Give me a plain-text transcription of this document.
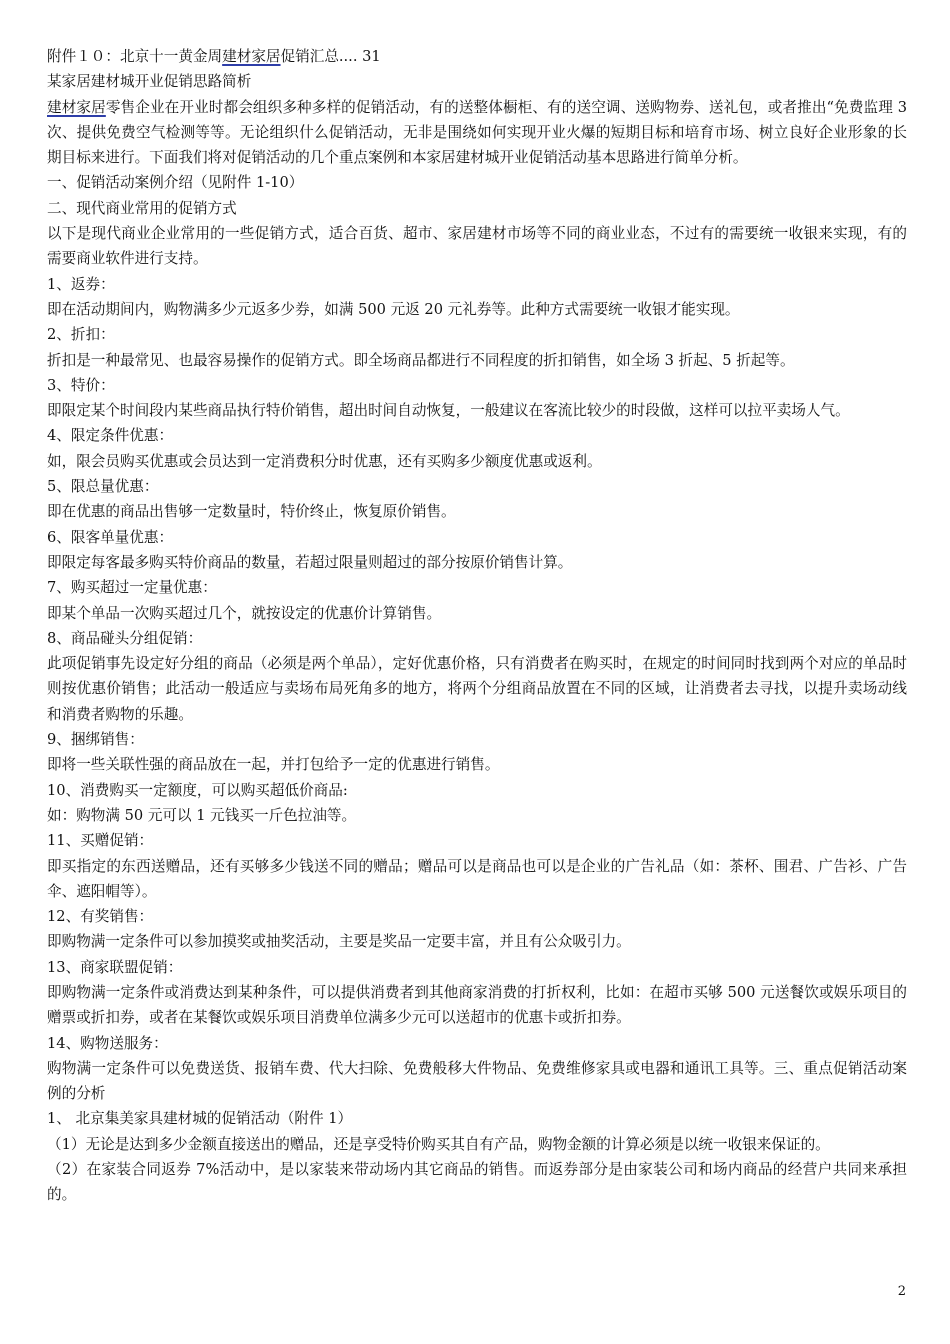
附件１０：北京十一黄金周建材家居促销汇总.... 31

某家居建材城开业促销思路简析

建材家居零售企业在开业时都会组织多种多样的促销活动，有的送整体橱柜、有的送空调、送购物券、送礼包，或者推出“免费监理 3 次、提供免费空气检测等等。无论组织什么促销活动，无非是围绕如何实现开业火爆的短期目标和培育市场、树立良好企业形象的长期目标来进行。下面我们将对促销活动的几个重点案例和本家居建材城开业促销活动基本思路进行简单分析。

一、促销活动案例介绍（见附件 1-10）

二、现代商业常用的促销方式

以下是现代商业企业常用的一些促销方式，适合百货、超市、家居建材市场等不同的商业业态，不过有的需要统一收银来实现，有的需要商业软件进行支持。

1、返券：

即在活动期间内，购物满多少元返多少券，如满 500 元返 20 元礼券等。此种方式需要统一收银才能实现。

2、折扣：

折扣是一种最常见、也最容易操作的促销方式。即全场商品都进行不同程度的折扣销售，如全场 3 折起、5 折起等。

3、特价：

即限定某个时间段内某些商品执行特价销售，超出时间自动恢复，一般建议在客流比较少的时段做，这样可以拉平卖场人气。

4、限定条件优惠：

如，限会员购买优惠或会员达到一定消费积分时优惠，还有买购多少额度优惠或返利。

5、限总量优惠：

即在优惠的商品出售够一定数量时，特价终止，恢复原价销售。

6、限客单量优惠：

即限定每客最多购买特价商品的数量，若超过限量则超过的部分按原价销售计算。

7、购买超过一定量优惠：

即某个单品一次购买超过几个，就按设定的优惠价计算销售。

8、商品碰头分组促销：

此项促销事先设定好分组的商品（必须是两个单品），定好优惠价格，只有消费者在购买时，在规定的时间同时找到两个对应的单品时则按优惠价销售；此活动一般适应与卖场布局死角多的地方，将两个分组商品放置在不同的区域，让消费者去寻找，以提升卖场动线和消费者购物的乐趣。

9、捆绑销售：

即将一些关联性强的商品放在一起，并打包给予一定的优惠进行销售。

10、消费购买一定额度，可以购买超低价商品:

如：购物满 50 元可以 1 元钱买一斤色拉油等。

11、买赠促销：

即买指定的东西送赠品，还有买够多少钱送不同的赠品；赠品可以是商品也可以是企业的广告礼品（如：茶杯、围君、广告衫、广告伞、遮阳帽等）。

12、有奖销售：

即购物满一定条件可以参加摸奖或抽奖活动，主要是奖品一定要丰富，并且有公众吸引力。

13、商家联盟促销：

即购物满一定条件或消费达到某种条件，可以提供消费者到其他商家消费的打折权利，比如：在超市买够 500 元送餐饮或娱乐项目的赠票或折扣券，或者在某餐饮或娱乐项目消费单位满多少元可以送超市的优惠卡或折扣券。

14、购物送服务：

购物满一定条件可以免费送货、报销车费、代大扫除、免费般移大件物品、免费维修家具或电器和通讯工具等。三、重点促销活动案例的分析

1、 北京集美家具建材城的促销活动（附件 1）

（1）无论是达到多少金额直接送出的赠品，还是享受特价购买其自有产品，购物金额的计算必须是以统一收银来保证的。

（2）在家装合同返券 7%活动中，是以家装来带动场内其它商品的销售。而返券部分是由家装公司和场内商品的经营户共同来承担的。

2
